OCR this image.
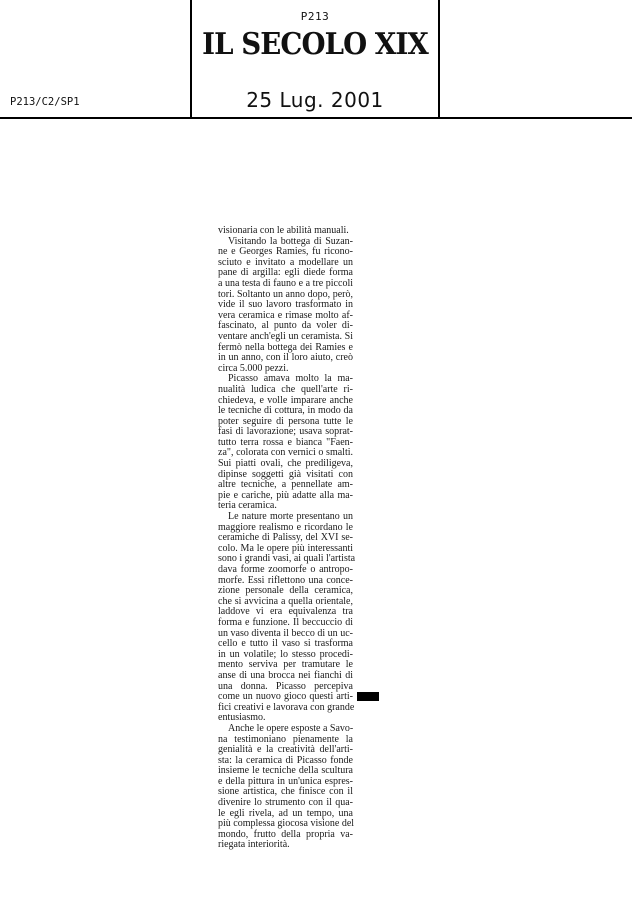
P213
IL SECOLO XIX
25 Lug. 2001
P213/C2/SP1
visionaria con le abilità manuali.
Visitando la bottega di Suzan-
ne e Georges Ramies, fu ricono-
sciuto e invitato a modellare un
pane di argilla: egli diede forma
a una testa di fauno e a tre piccoli
tori. Soltanto un anno dopo, però,
vide il suo lavoro trasformato in
vera ceramica e rimase molto af-
fascinato, al punto da voler di-
ventare anch'egli un ceramista. Si
fermò nella bottega dei Ramies e
in un anno, con il loro aiuto, creò
circa 5.000 pezzi.
Picasso amava molto la ma-
nualità ludica che quell'arte ri-
chiedeva, e volle imparare anche
le tecniche di cottura, in modo da
poter seguire di persona tutte le
fasi di lavorazione; usava soprat-
tutto terra rossa e bianca "Faen-
za", colorata con vernici o smalti.
Sui piatti ovali, che prediligeva,
dipinse soggetti già visitati con
altre tecniche, a pennellate am-
pie e cariche, più adatte alla ma-
teria ceramica.
Le nature morte presentano un
maggiore realismo e ricordano le
ceramiche di Palissy, del XVI se-
colo. Ma le opere più interessanti
sono i grandi vasi, ai quali l'artista
dava forme zoomorfe o antropo-
morfe. Essi riflettono una conce-
zione personale della ceramica,
che si avvicina a quella orientale,
laddove vi era equivalenza tra
forma e funzione. Il beccuccio di
un vaso diventa il becco di un uc-
cello e tutto il vaso si trasforma
in un volatile; lo stesso procedi-
mento serviva per tramutare le
anse di una brocca nei fianchi di
una donna. Picasso percepiva
come un nuovo gioco questi arti-
fici creativi e lavorava con grande
entusiasmo.
Anche le opere esposte a Savo-
na testimoniano pienamente la
genialità e la creatività dell'arti-
sta: la ceramica di Picasso fonde
insieme le tecniche della scultura
e della pittura in un'unica espres-
sione artistica, che finisce con il
divenire lo strumento con il qua-
le egli rivela, ad un tempo, una
più complessa giocosa visione del
mondo, frutto della propria va-
riegata interiorità.
